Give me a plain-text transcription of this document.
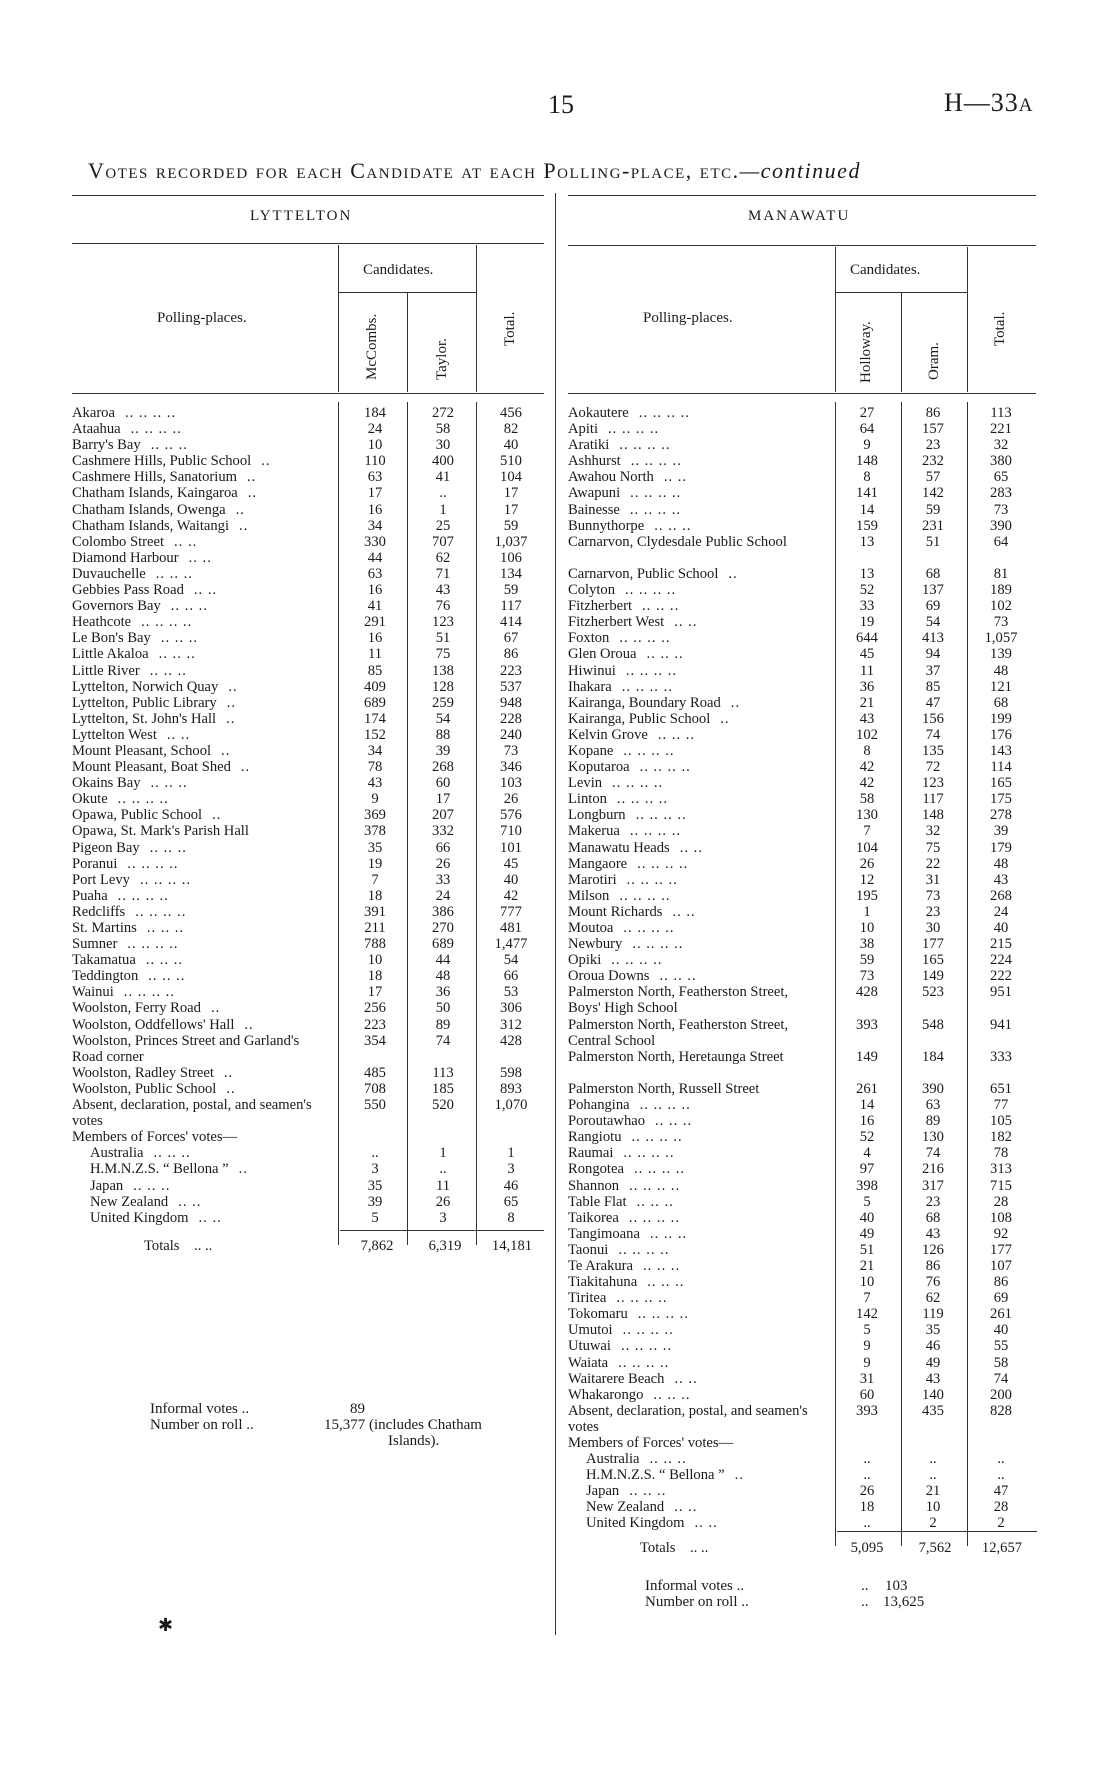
15	H—33A
Votes recorded for each Candidate at each Polling-place, etc.—continued
LYTTELTON
Polling-places.
Candidates.
McCombs.	Taylor.
Total.
Akaroa .. .. .. ..	184	272	456
Ataahua .. .. .. ..	24	58	82
Barry's Bay .. .. ..	10	30	40
Cashmere Hills, Public School ..	110	400	510
Cashmere Hills, Sanatorium ..	63	41	104
Chatham Islands, Kaingaroa ..	17	..	17
Chatham Islands, Owenga ..	16	1	17
Chatham Islands, Waitangi ..	34	25	59
Colombo Street .. ..	330	707	1,037
Diamond Harbour .. ..	44	62	106
Duvauchelle .. .. ..	63	71	134
Gebbies Pass Road .. ..	16	43	59
Governors Bay .. .. ..	41	76	117
Heathcote .. .. .. ..	291	123	414
Le Bon's Bay .. .. ..	16	51	67
Little Akaloa .. .. ..	11	75	86
Little River .. .. ..	85	138	223
Lyttelton, Norwich Quay ..	409	128	537
Lyttelton, Public Library ..	689	259	948
Lyttelton, St. John's Hall ..	174	54	228
Lyttelton West .. ..	152	88	240
Mount Pleasant, School ..	34	39	73
Mount Pleasant, Boat Shed ..	78	268	346
Okains Bay .. .. ..	43	60	103
Okute .. .. .. ..	9	17	26
Opawa, Public School ..	369	207	576
Opawa, St. Mark's Parish Hall	378	332	710
Pigeon Bay .. .. ..	35	66	101
Poranui .. .. .. ..	19	26	45
Port Levy .. .. .. ..	7	33	40
Puaha .. .. .. ..	18	24	42
Redcliffs .. .. .. ..	391	386	777
St. Martins .. .. ..	211	270	481
Sumner .. .. .. ..	788	689	1,477
Takamatua .. .. ..	10	44	54
Teddington .. .. ..	18	48	66
Wainui .. .. .. ..	17	36	53
Woolston, Ferry Road ..	256	50	306
Woolston, Oddfellows' Hall ..	223	89	312
Woolston, Princes Street and Garland's Road corner
354	74	428
Woolston, Radley Street ..	485	113	598
Woolston, Public School ..	708	185	893
Absent, declaration, postal, and seamen's votes
550	520	1,070
Members of Forces' votes—
Australia .. .. ..	..	1	1
H.M.N.Z.S. “ Bellona ” ..	3	..	3
Japan .. .. ..	35	11	46
New Zealand .. ..	39	26	65
United Kingdom .. ..	5	3	8
Totals .. ..	7,862	6,319	14,181
Informal votes ..	89
Number on roll ..	15,377 (includes Chatham
Islands).
MANAWATU
Polling-places.
Candidates.
Holloway.	Oram.
Total.
Aokautere .. .. .. ..	27	86	113
Apiti .. .. .. ..	64	157	221
Aratiki .. .. .. ..	9	23	32
Ashhurst .. .. .. ..	148	232	380
Awahou North .. ..	8	57	65
Awapuni .. .. .. ..	141	142	283
Bainesse .. .. .. ..	14	59	73
Bunnythorpe .. .. ..	159	231	390
Carnarvon, Clydesdale Public School	13	51	64
Carnarvon, Public School ..	13	68	81
Colyton .. .. .. ..	52	137	189
Fitzherbert .. .. ..	33	69	102
Fitzherbert West .. ..	19	54	73
Foxton .. .. .. ..	644	413	1,057
Glen Oroua .. .. ..	45	94	139
Hiwinui .. .. .. ..	11	37	48
Ihakara .. .. .. ..	36	85	121
Kairanga, Boundary Road ..	21	47	68
Kairanga, Public School ..	43	156	199
Kelvin Grove .. .. ..	102	74	176
Kopane .. .. .. ..	8	135	143
Koputaroa .. .. .. ..	42	72	114
Levin .. .. .. ..	42	123	165
Linton .. .. .. ..	58	117	175
Longburn .. .. .. ..	130	148	278
Makerua .. .. .. ..	7	32	39
Manawatu Heads .. ..	104	75	179
Mangaore .. .. .. ..	26	22	48
Marotiri .. .. .. ..	12	31	43
Milson .. .. .. ..	195	73	268
Mount Richards .. ..	1	23	24
Moutoa .. .. .. ..	10	30	40
Newbury .. .. .. ..	38	177	215
Opiki .. .. .. ..	59	165	224
Oroua Downs .. .. ..	73	149	222
Palmerston North, Featherston Street, Boys' High School
428	523	951
Palmerston North, Featherston Street, Central School
393	548	941
Palmerston North, Heretaunga Street	149	184	333
Palmerston North, Russell Street	261	390	651
Pohangina .. .. .. ..	14	63	77
Poroutawhao .. .. ..	16	89	105
Rangiotu .. .. .. ..	52	130	182
Raumai .. .. .. ..	4	74	78
Rongotea .. .. .. ..	97	216	313
Shannon .. .. .. ..	398	317	715
Table Flat .. .. ..	5	23	28
Taikorea .. .. .. ..	40	68	108
Tangimoana .. .. ..	49	43	92
Taonui .. .. .. ..	51	126	177
Te Arakura .. .. ..	21	86	107
Tiakitahuna .. .. ..	10	76	86
Tiritea .. .. .. ..	7	62	69
Tokomaru .. .. .. ..	142	119	261
Umutoi .. .. .. ..	5	35	40
Utuwai .. .. .. ..	9	46	55
Waiata .. .. .. ..	9	49	58
Waitarere Beach .. ..	31	43	74
Whakarongo .. .. ..	60	140	200
Absent, declaration, postal, and seamen's votes
393	435	828
Members of Forces' votes—
Australia .. .. ..	..	..	..
H.M.N.Z.S. “ Bellona ” ..	..	..	..
Japan .. .. ..	26	21	47
New Zealand .. ..	18	10	28
United Kingdom .. ..	..	2	2
Totals .. ..	5,095	7,562	12,657
Informal votes ..	.. 103
Number on roll ..	.. 13,625
✱
